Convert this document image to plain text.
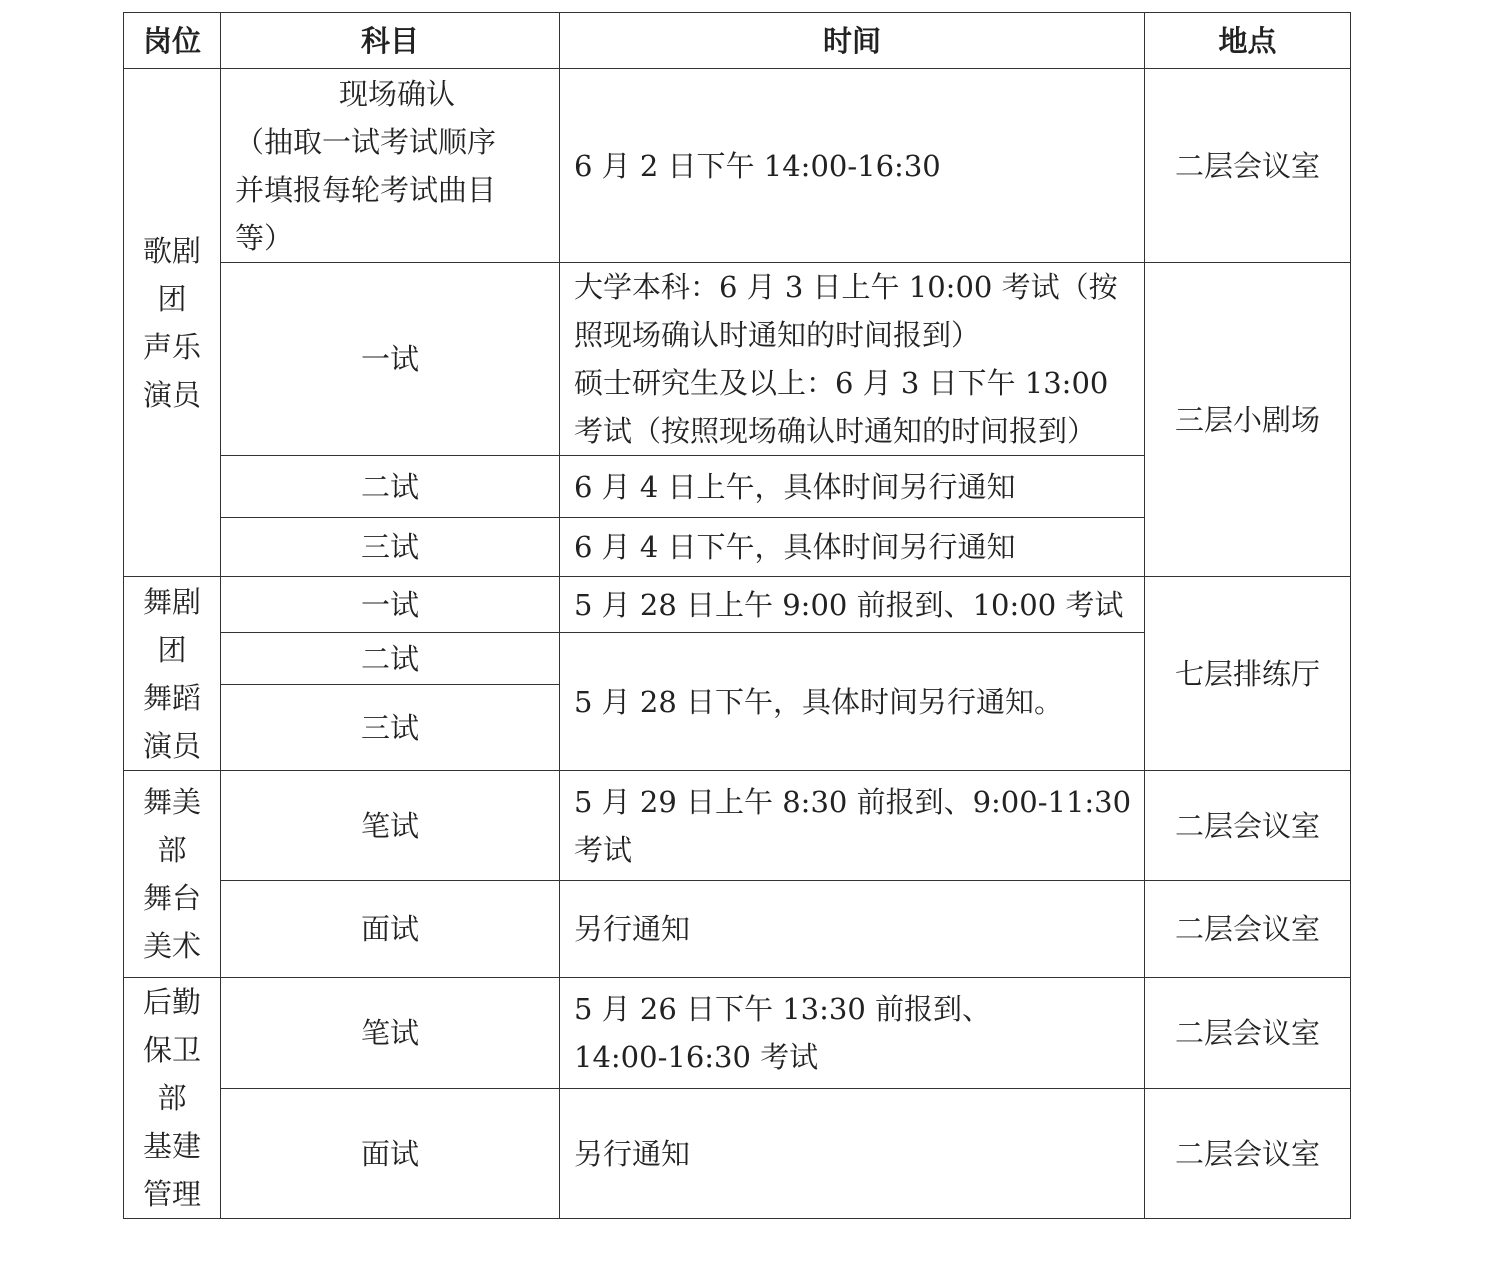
岗位	科目	时间	地点

歌剧
团
声乐
演员	现场确认
（抽取一试考试顺序
并填报每轮考试曲目
等）	6 月 2 日下午 14:00-16:30	二层会议室
	一试	大学本科：6 月 3 日上午 10:00 考试（按
照现场确认时通知的时间报到）
硕士研究生及以上：6 月 3 日下午 13:00
考试（按照现场确认时通知的时间报到）	三层小剧场
	二试	6 月 4 日上午，具体时间另行通知	
	三试	6 月 4 日下午，具体时间另行通知	

舞剧
团
舞蹈
演员	一试	5 月 28 日上午 9:00 前报到、10:00 考试	七层排练厅
	二试	5 月 28 日下午，具体时间另行通知。	
	三试		

舞美
部
舞台
美术	笔试	5 月 29 日上午 8:30 前报到、9:00-11:30
考试	二层会议室
	面试	另行通知	二层会议室

后勤
保卫
部
基建
管理	笔试	5 月 26 日下午 13:30 前报到、
14:00-16:30 考试	二层会议室
	面试	另行通知	二层会议室
